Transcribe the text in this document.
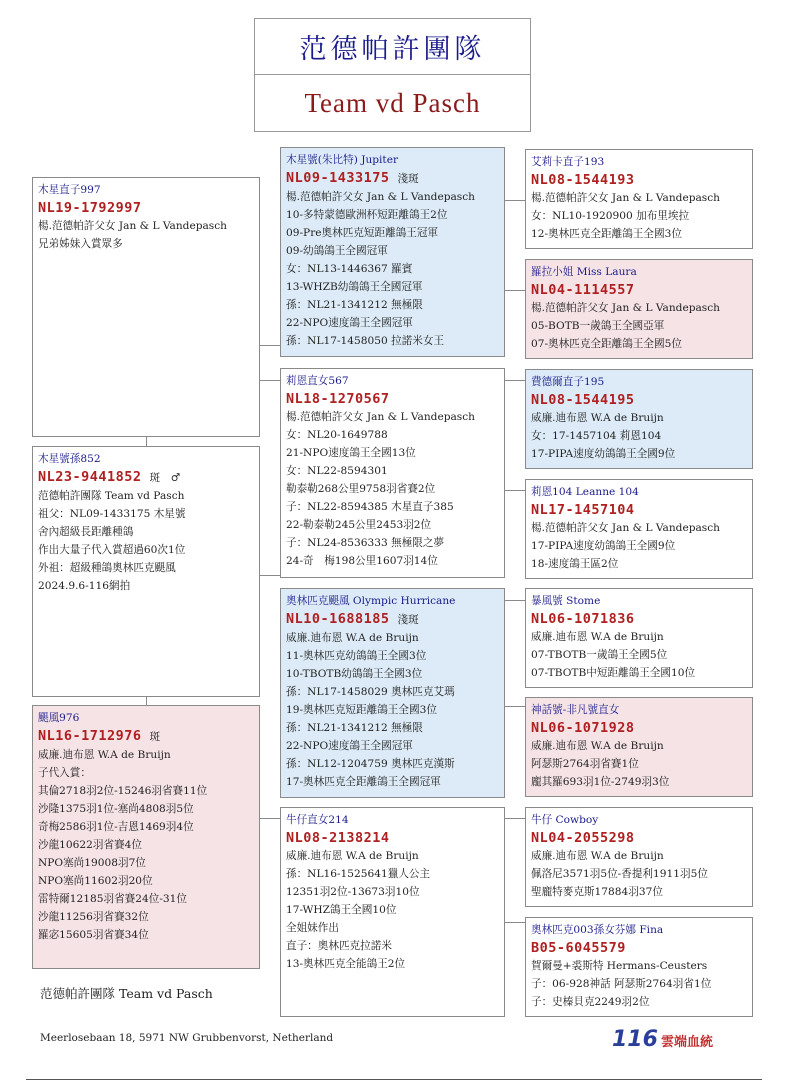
范德帕許團隊
Team vd Pasch
木星直子997
NL19-1792997
楊.范德帕許父女 Jan & L Vandepasch
兄弟姊妹入賞眾多
木星號孫852
NL23-9441852 斑　♂
范德帕許團隊 Team vd Pasch
祖父：NL09-1433175 木星號
舍內超級長距離種鴿
作出大量子代入賞超過60次1位
外祖：超級種鴿奧林匹克颶風
2024.9.6-116網拍
颶風976
NL16-1712976 斑
威廉.迪布恩 W.A de Bruijn
子代入賞：
其倫2718羽2位-15246羽省賽11位
沙隆1375羽1位-塞尚4808羽5位
奇梅2586羽1位-吉恩1469羽4位
沙龍10622羽省賽4位
NPO塞尚19008羽7位
NPO塞尚11602羽20位
雷特爾12185羽省賽24位-31位
沙龍11256羽省賽32位
羅宓15605羽省賽34位
木星號(朱比特) Jupiter
NL09-1433175 淺斑
楊.范德帕許父女 Jan & L Vandepasch
10-多特蒙德歐洲杯短距離鴿王2位
09-Pre奧林匹克短距離鴿王冠軍
09-幼鴿鴿王全國冠軍
女：NL13-1446367 羅賓
13-WHZB幼鴿鴿王全國冠軍
孫：NL21-1341212 無極限
22-NPO速度鴿王全國冠軍
孫：NL17-1458050 拉諾米女王
莉恩直女567
NL18-1270567
楊.范德帕許父女 Jan & L Vandepasch
女：NL20-1649788
21-NPO速度鴿王全國13位
女：NL22-8594301
勒泰勒268公里9758羽省賽2位
子：NL22-8594385 木星直子385
22-勒泰勒245公里2453羽2位
子：NL24-8536333 無極限之夢
24-奇　梅198公里1607羽14位
奧林匹克颶風 Olympic Hurricane
NL10-1688185 淺斑
威廉.迪布恩 W.A de Bruijn
11-奧林匹克幼鴿鴿王全國3位
10-TBOTB幼鴿鴿王全國3位
孫：NL17-1458029 奧林匹克艾瑪
19-奧林匹克短距離鴿王全國3位
孫：NL21-1341212 無極限
22-NPO速度鴿王全國冠軍
孫：NL12-1204759 奧林匹克漢斯
17-奧林匹克全距離鴿王全國冠軍
牛仔直女214
NL08-2138214
威廉.迪布恩 W.A de Bruijn
孫：NL16-1525641獵人公主
12351羽2位-13673羽10位
17-WHZ鴿王全國10位
全姐妹作出
直子：奧林匹克拉諾米
13-奧林匹克全能鴿王2位
艾莉卡直子193
NL08-1544193
楊.范德帕許父女 Jan & L Vandepasch
女：NL10-1920900 加布里埃拉
12-奧林匹克全距離鴿王全國3位
羅拉小姐 Miss Laura
NL04-1114557
楊.范德帕許父女 Jan & L Vandepasch
05-BOTB一歲鴿王全國亞軍
07-奧林匹克全距離鴿王全國5位
費德爾直子195
NL08-1544195
威廉.迪布恩 W.A de Bruijn
女：17-1457104 莉恩104
17-PIPA速度幼鴿鴿王全國9位
莉恩104 Leanne 104
NL17-1457104
楊.范德帕許父女 Jan & L Vandepasch
17-PIPA速度幼鴿鴿王全國9位
18-速度鴿王區2位
暴風號 Stome
NL06-1071836
威廉.迪布恩 W.A de Bruijn
07-TBOTB一歲鴿王全國5位
07-TBOTB中短距離鴿王全國10位
神話號-非凡號直女
NL06-1071928
威廉.迪布恩 W.A de Bruijn
阿瑟斯2764羽省賽1位
龐其羅693羽1位-2749羽3位
牛仔 Cowboy
NL04-2055298
威廉.迪布恩 W.A de Bruijn
佩洛尼3571羽5位-香提利1911羽5位
聖龐特麥克斯17884羽37位
奧林匹克003孫女芬娜 Fina
B05-6045579
賀爾曼+裘斯特 Hermans-Ceusters
子：06-928神話 阿瑟斯2764羽省1位
子：史榛貝克2249羽2位
范德帕許團隊 Team vd Pasch
Meerlosebaan 18, 5971 NW Grubbenvorst, Netherland	116 雲端血統
